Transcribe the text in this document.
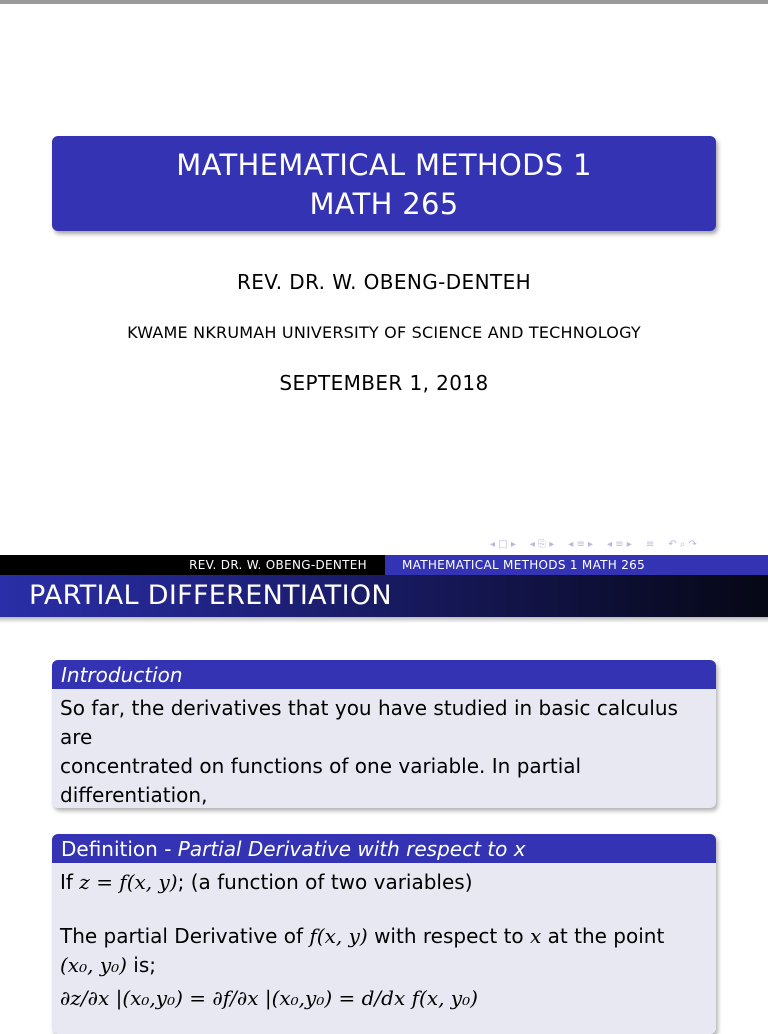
MATHEMATICAL METHODS 1
MATH 265
REV. DR. W. OBENG-DENTEH
KWAME NKRUMAH UNIVERSITY OF SCIENCE AND TECHNOLOGY
SEPTEMBER 1, 2018
◂ □ ▸ ◂ ⎘ ▸ ◂ ≡ ▸ ◂ ≡ ▸ ≡ ↶ ⌕ ↷
REV. DR. W. OBENG-DENTEH	MATHEMATICAL METHODS 1 MATH 265
PARTIAL DIFFERENTIATION
Introduction
So far, the derivatives that you have studied in basic calculus are
concentrated on functions of one variable. In partial differentiation,
Definition - Partial Derivative with respect to x
If z = f(x, y); (a function of two variables)
The partial Derivative of f(x, y) with respect to x at the point
(x₀, y₀) is;
∂z/∂x |(x₀,y₀) = ∂f/∂x |(x₀,y₀) = d/dx f(x, y₀)
